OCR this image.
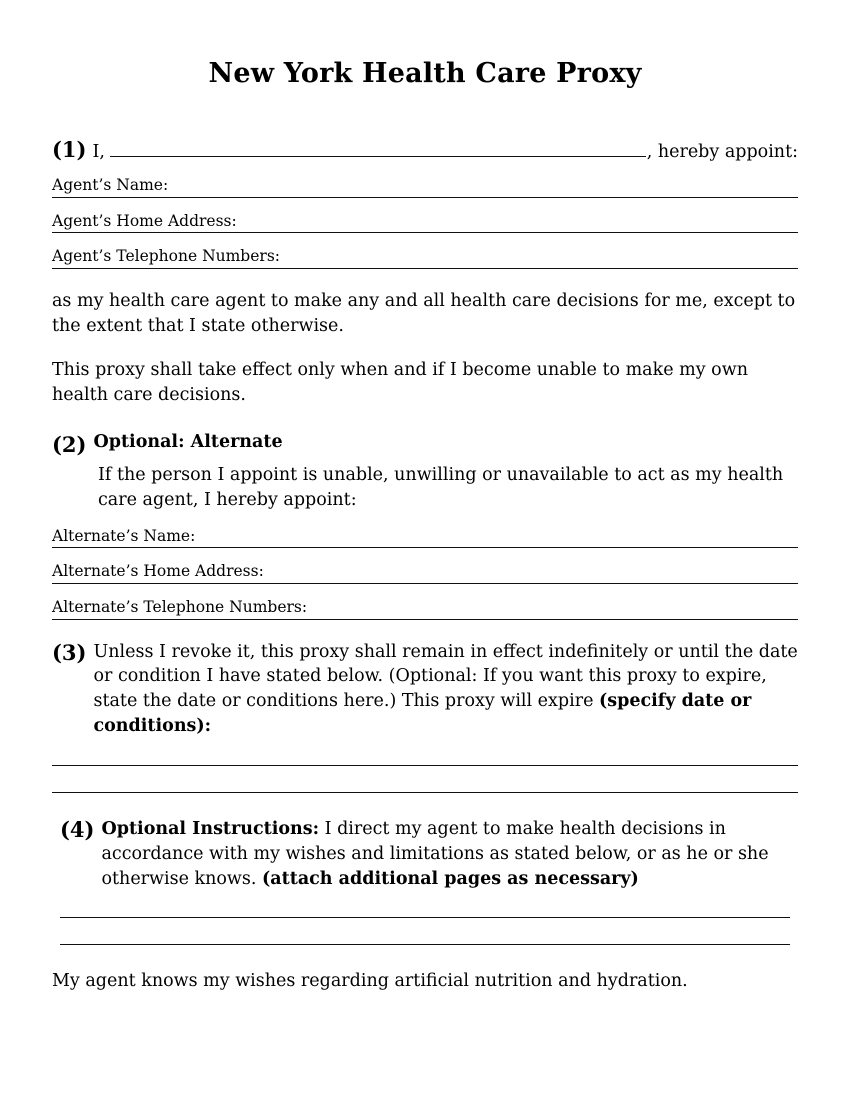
New York Health Care Proxy
(1) I,	, hereby appoint:
Agent’s Name:
Agent’s Home Address:
Agent’s Telephone Numbers:
as my health care agent to make any and all health care decisions for me, except to the extent that I state otherwise.
This proxy shall take effect only when and if I become unable to make my own health care decisions.
(2) Optional: Alternate
If the person I appoint is unable, unwilling or unavailable to act as my health care agent, I hereby appoint:
Alternate’s Name:
Alternate’s Home Address:
Alternate’s Telephone Numbers:
(3) Unless I revoke it, this proxy shall remain in effect indefinitely or until the date or condition I have stated below. (Optional: If you want this proxy to expire, state the date or conditions here.) This proxy will expire (specify date or conditions):
(4) Optional Instructions: I direct my agent to make health decisions in accordance with my wishes and limitations as stated below, or as he or she otherwise knows. (attach additional pages as necessary)
My agent knows my wishes regarding artificial nutrition and hydration.
